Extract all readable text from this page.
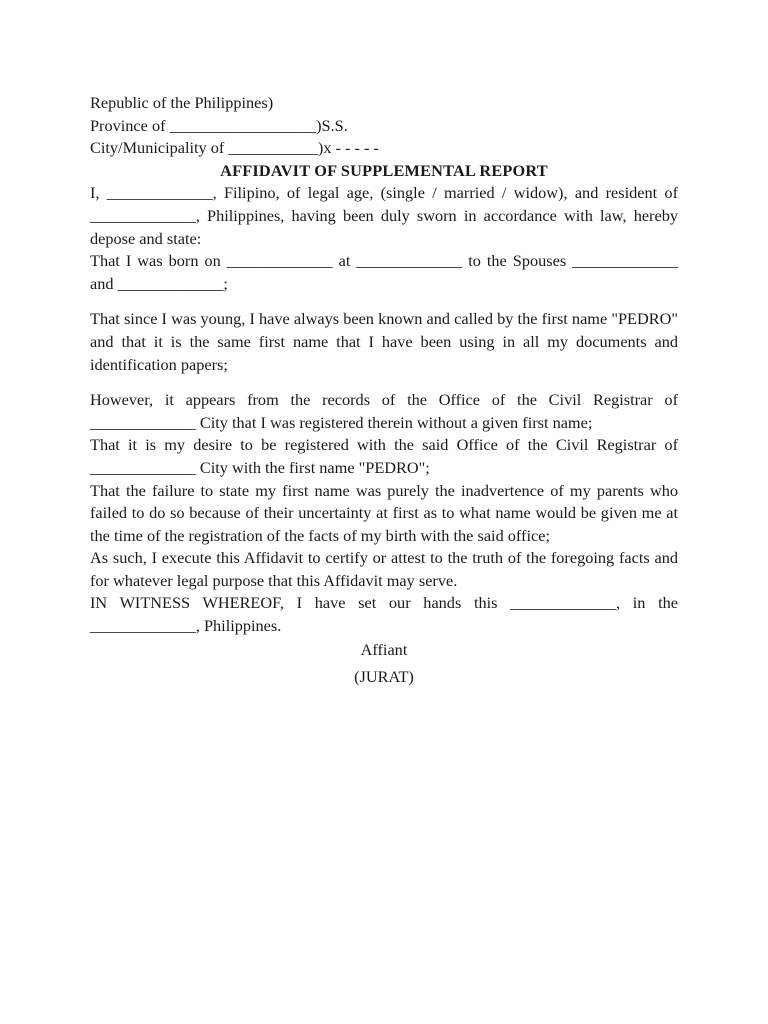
Republic of the Philippines)
Province of __________________)S.S.
City/Municipality of ___________)x - - - - -
AFFIDAVIT OF SUPPLEMENTAL REPORT
I, _____________, Filipino, of legal age, (single / married / widow), and resident of _____________, Philippines, having been duly sworn in accordance with law, hereby depose and state:
That I was born on _____________ at _____________ to the Spouses _____________ and _____________;
That since I was young, I have always been known and called by the first name "PEDRO" and that it is the same first name that I have been using in all my documents and identification papers;
However, it appears from the records of the Office of the Civil Registrar of _____________ City that I was registered therein without a given first name;
That it is my desire to be registered with the said Office of the Civil Registrar of _____________ City with the first name "PEDRO";
That the failure to state my first name was purely the inadvertence of my parents who failed to do so because of their uncertainty at first as to what name would be given me at the time of the registration of the facts of my birth with the said office;
As such, I execute this Affidavit to certify or attest to the truth of the foregoing facts and for whatever legal purpose that this Affidavit may serve.
IN WITNESS WHEREOF, I have set our hands this _____________, in the _____________, Philippines.
Affiant
(JURAT)
